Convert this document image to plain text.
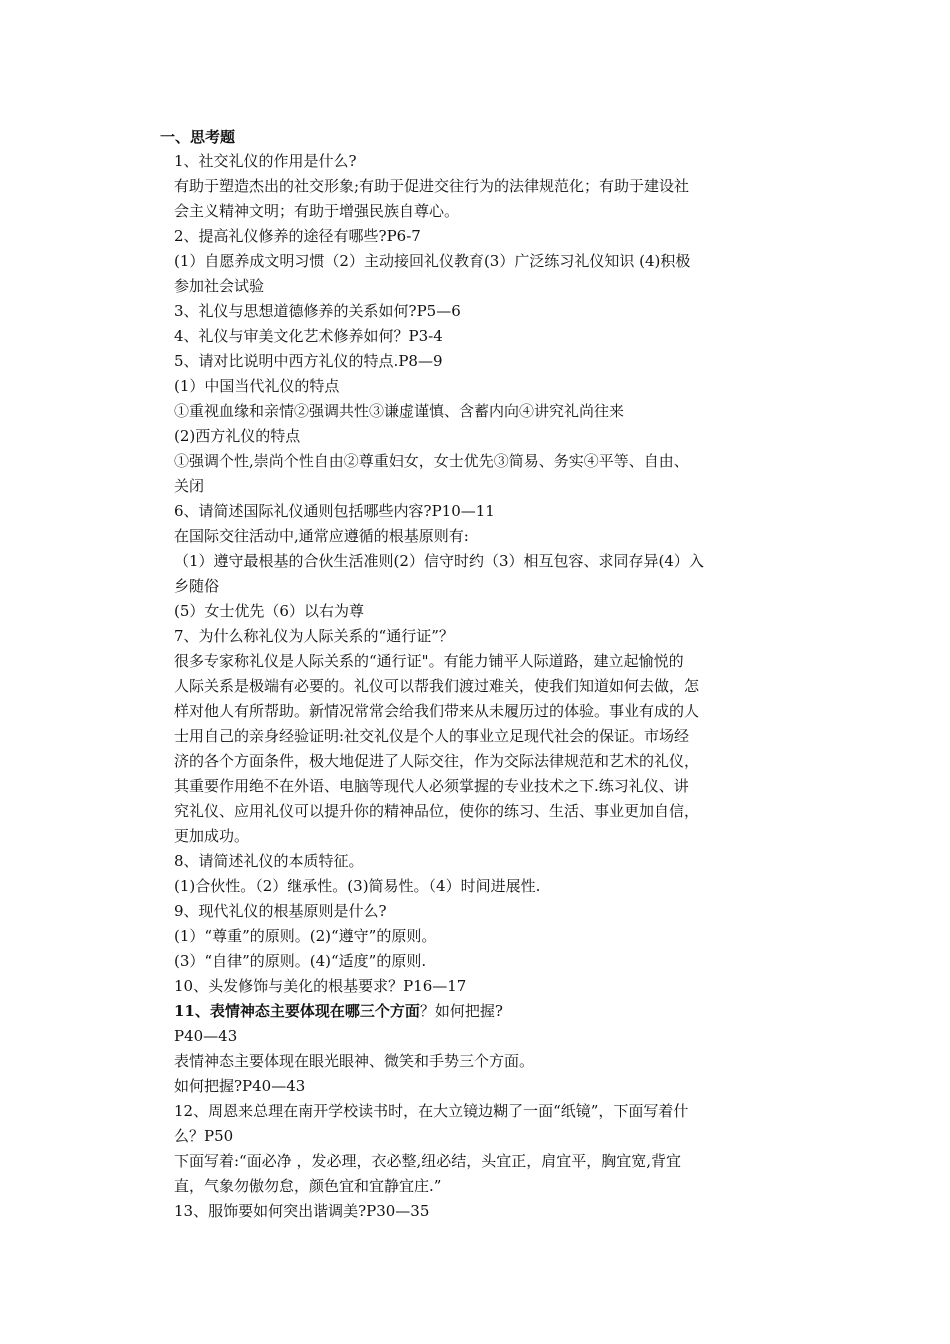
一、思考题
1、社交礼仪的作用是什么?
有助于塑造杰出的社交形象;有助于促进交往行为的法律规范化；有助于建设社
会主义精神文明；有助于增强民族自尊心。
2、提高礼仪修养的途径有哪些?P6-7
(1）自愿养成文明习惯（2）主动接回礼仪教育(3）广泛练习礼仪知识 (4)积极
参加社会试验
3、礼仪与思想道德修养的关系如何?P5—6
4、礼仪与审美文化艺术修养如何？P3-4
5、请对比说明中西方礼仪的特点.P8—9
(1）中国当代礼仪的特点
①重视血缘和亲情②强调共性③谦虚谨慎、含蓄内向④讲究礼尚往来
(2)西方礼仪的特点
①强调个性,崇尚个性自由②尊重妇女，女士优先③简易、务实④平等、自由、
关闭
6、请简述国际礼仪通则包括哪些内容?P10—11
在国际交往活动中,通常应遵循的根基原则有:
（1）遵守最根基的合伙生活准则(2）信守时约（3）相互包容、求同存异(4）入
乡随俗
(5）女士优先（6）以右为尊
7、为什么称礼仪为人际关系的“通行证”？
很多专家称礼仪是人际关系的“通行证"。有能力铺平人际道路，建立起愉悦的
人际关系是极端有必要的。礼仪可以帮我们渡过难关，使我们知道如何去做，怎
样对他人有所帮助。新情况常常会给我们带来从未履历过的体验。事业有成的人
士用自己的亲身经验证明:社交礼仪是个人的事业立足现代社会的保证。市场经
济的各个方面条件，极大地促进了人际交往，作为交际法律规范和艺术的礼仪，
其重要作用绝不在外语、电脑等现代人必须掌握的专业技术之下.练习礼仪、讲
究礼仪、应用礼仪可以提升你的精神品位，使你的练习、生活、事业更加自信，
更加成功。
8、请简述礼仪的本质特征。
(1)合伙性。（2）继承性。(3)简易性。（4）时间进展性.
9、现代礼仪的根基原则是什么?
(1）“尊重”的原则。(2)“遵守”的原则。
(3）“自律”的原则。(4)“适度”的原则.
10、头发修饰与美化的根基要求？P16—17
11、表情神态主要体现在哪三个方面？如何把握?
P40—43
表情神态主要体现在眼光眼神、微笑和手势三个方面。
如何把握?P40—43
12、周恩来总理在南开学校读书时，在大立镜边糊了一面“纸镜”，下面写着什
么？P50
下面写着:“面必净 ，发必理，衣必整,纽必结，头宜正，肩宜平，胸宜宽,背宜
直，气象勿傲勿怠，颜色宜和宜静宜庄.”
13、服饰要如何突出谐调美?P30—35
